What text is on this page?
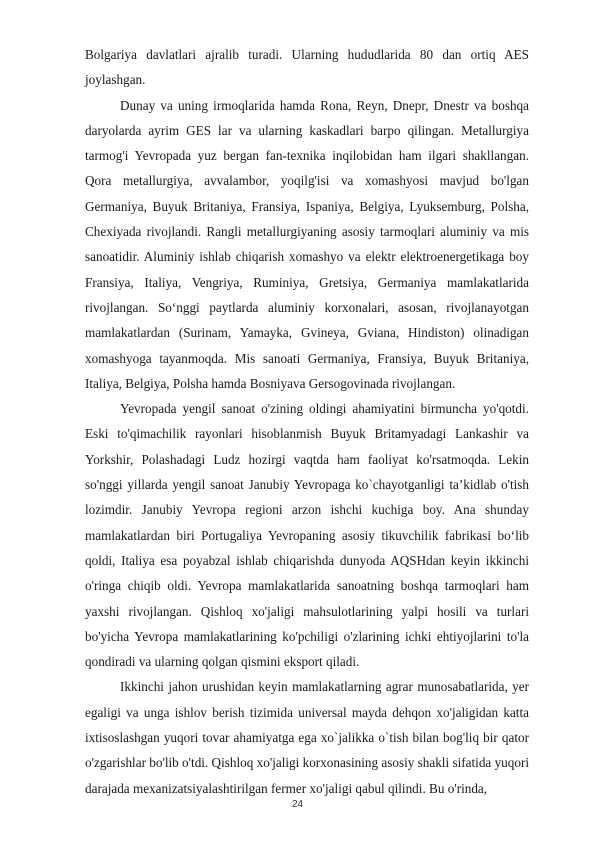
Bolgariya davlatlari ajralib turadi. Ularning hududlarida 80 dan ortiq AES joylashgan.

Dunay va uning irmoqlarida hamda Rona, Reyn, Dnepr, Dnestr va boshqa daryolarda ayrim GES lar va ularning kaskadlari barpo qilingan. Metallurgiya tarmog'i Yevropada yuz bergan fan-texnika inqilobidan ham ilgari shakllangan. Qora metallurgiya, avvalambor, yoqilg'isi va xomashyosi mavjud bo'lgan Germaniya, Buyuk Britaniya, Fransiya, Ispaniya, Belgiya, Lyuksemburg, Polsha, Chexiyada rivojlandi. Rangli metallurgiyaning asosiy tarmoqlari aluminiy va mis sanoatidir. Aluminiy ishlab chiqarish xomashyo va elektr elektroenergetikaga boy Fransiya, Italiya, Vengriya, Ruminiya, Gretsiya, Germaniya mamlakatlarida rivojlangan. So‘nggi paytlarda aluminiy korxonalari, asosan, rivojlanayotgan mamlakatlardan (Surinam, Yamayka, Gvineya, Gviana, Hindiston) olinadigan xomashyoga tayanmoqda. Mis sanoati Germaniya, Fransiya, Buyuk Britaniya, Italiya, Belgiya, Polsha hamda Bosniyava Gersogovinada rivojlangan.

Yevropada yengil sanoat o'zining oldingi ahamiyatini birmuncha yo'qotdi. Eski to'qimachilik rayonlari hisoblanmish Buyuk Britamyadagi Lankashir va Yorkshir, Polashadagi Ludz hozirgi vaqtda ham faoliyat ko'rsatmoqda. Lekin so'nggi yillarda yengil sanoat Janubiy Yevropaga ko`chayotganligi ta’kidlab o'tish lozimdir. Janubiy Yevropa regioni arzon ishchi kuchiga boy. Ana shunday mamlakatlardan biri Portugaliya Yevropaning asosiy tikuvchilik fabrikasi bo‘lib qoldi, Italiya esa poyabzal ishlab chiqarishda dunyoda AQSHdan keyin ikkinchi o'ringa chiqib oldi. Yevropa mamlakatlarida sanoatning boshqa tarmoqlari ham yaxshi rivojlangan. Qishloq xo'jaligi mahsulotlarining yalpi hosili va turlari bo'yicha Yevropa mamlakatlarining ko'pchiligi o'zlarining ichki ehtiyojlarini to'la qondiradi va ularning qolgan qismini eksport qiladi.

Ikkinchi jahon urushidan keyin mamlakatlarning agrar munosabatlarida, yer egaligi va unga ishlov berish tizimida universal mayda dehqon xo'jaligidan katta ixtisoslashgan yuqori tovar ahamiyatga ega xo`jalikka o`tish bilan bog'liq bir qator o'zgarishlar bo'lib o'tdi. Qishloq xo'jaligi korxonasining asosiy shakli sifatida yuqori darajada mexanizatsiyalashtirilgan fermer xo'jaligi qabul qilindi. Bu o'rinda,

24
